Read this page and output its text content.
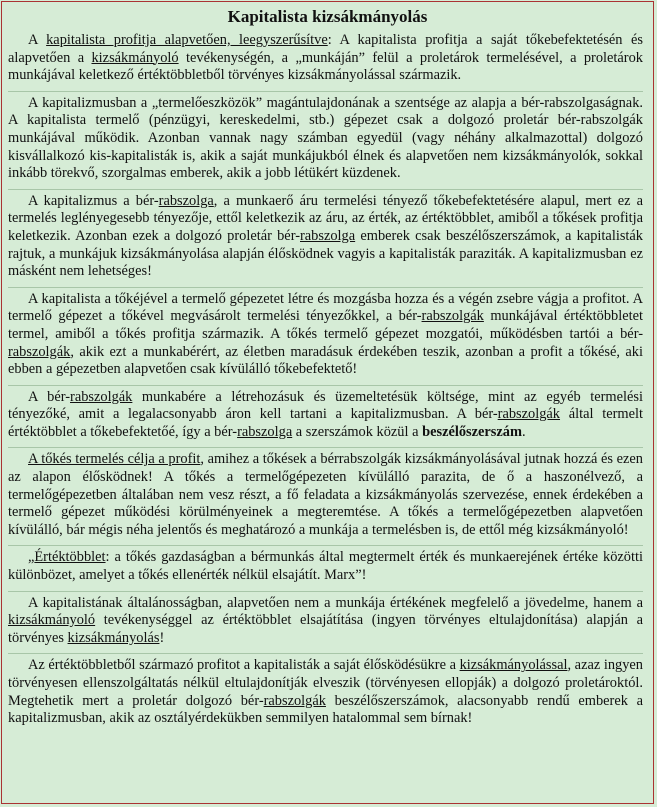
Kapitalista kizsákmányolás

A kapitalista profitja alapvetően, leegyszerűsítve: A kapitalista profitja a saját tőkebefektetésén és alapvetően a kizsákmányoló tevékenységén, a „munkáján” felül a proletárok termelésével, a proletárok munkájával keletkező értéktöbbletből törvényes kizsákmányolással származik.

A kapitalizmusban a „termelőeszközök” magántulajdonának a szentsége az alapja a bér-rabszolgaságnak. A kapitalista termelő (pénzügyi, kereskedelmi, stb.) gépezet csak a dolgozó proletár bér-rabszolgák munkájával működik. Azonban vannak nagy számban egyedül (vagy néhány alkalmazottal) dolgozó kisvállalkozó kis-kapitalisták is, akik a saját munkájukból élnek és alapvetően nem kizsákmányolók, sokkal inkább törekvő, szorgalmas emberek, akik a jobb létükért küzdenek.

A kapitalizmus a bér-rabszolga, a munkaerő áru termelési tényező tőkebefektetésére alapul, mert ez a termelés leglényegesebb tényezője, ettől keletkezik az áru, az érték, az értéktöbblet, amiből a tőkések profitja keletkezik. Azonban ezek a dolgozó proletár bér-rabszolga emberek csak beszélőszerszámok, a kapitalisták rajtuk, a munkájuk kizsákmányolása alapján élősködnek vagyis a kapitalisták paraziták. A kapitalizmusban ez másként nem lehetséges!

A kapitalista a tőkéjével a termelő gépezetet létre és mozgásba hozza és a végén zsebre vágja a profitot. A termelő gépezet a tőkével megvásárolt termelési tényezőkkel, a bér-rabszolgák munkájával értéktöbbletet termel, amiből a tőkés profitja származik. A tőkés termelő gépezet mozgatói, működésben tartói a bér-rabszolgák, akik ezt a munkabérért, az életben maradásuk érdekében teszik, azonban a profit a tőkésé, aki ebben a gépezetben alapvetően csak kívülálló tőkebefektető!

A bér-rabszolgák munkabére a létrehozásuk és üzemeltetésük költsége, mint az egyéb termelési tényezőké, amit a legalacsonyabb áron kell tartani a kapitalizmusban. A bér-rabszolgák által termelt értéktöbblet a tőkebefektetőé, így a bér-rabszolga a szerszámok közül a beszélőszerszám.

A tőkés termelés célja a profit, amihez a tőkések a bérrabszolgák kizsákmányolásával jutnak hozzá és ezen az alapon élősködnek! A tőkés a termelőgépezeten kívülálló parazita, de ő a haszonélvező, a termelőgépezetben általában nem vesz részt, a fő feladata a kizsákmányolás szervezése, ennek érdekében a termelő gépezet működési körülményeinek a megteremtése. A tőkés a termelőgépezetben alapvetően kívülálló, bár mégis néha jelentős és meghatározó a munkája a termelésben is, de ettől még kizsákmányoló!

„Értéktöbblet: a tőkés gazdaságban a bérmunkás által megtermelt érték és munkaerejének értéke közötti különbözet, amelyet a tőkés ellenérték nélkül elsajátít. Marx”!

A kapitalistának általánosságban, alapvetően nem a munkája értékének megfelelő a jövedelme, hanem a kizsákmányoló tevékenységgel az értéktöbblet elsajátítása (ingyen törvényes eltulajdonítása) alapján a törvényes kizsákmányolás!

Az értéktöbbletből származó profitot a kapitalisták a saját élősködésükre a kizsákmányolással, azaz ingyen törvényesen ellenszolgáltatás nélkül eltulajdonítják elveszik (törvényesen ellopják) a dolgozó proletároktól. Megtehetik mert a proletár dolgozó bér-rabszolgák beszélőszerszámok, alacsonyabb rendű emberek a kapitalizmusban, akik az osztályérdekükben semmilyen hatalommal sem bírnak!
